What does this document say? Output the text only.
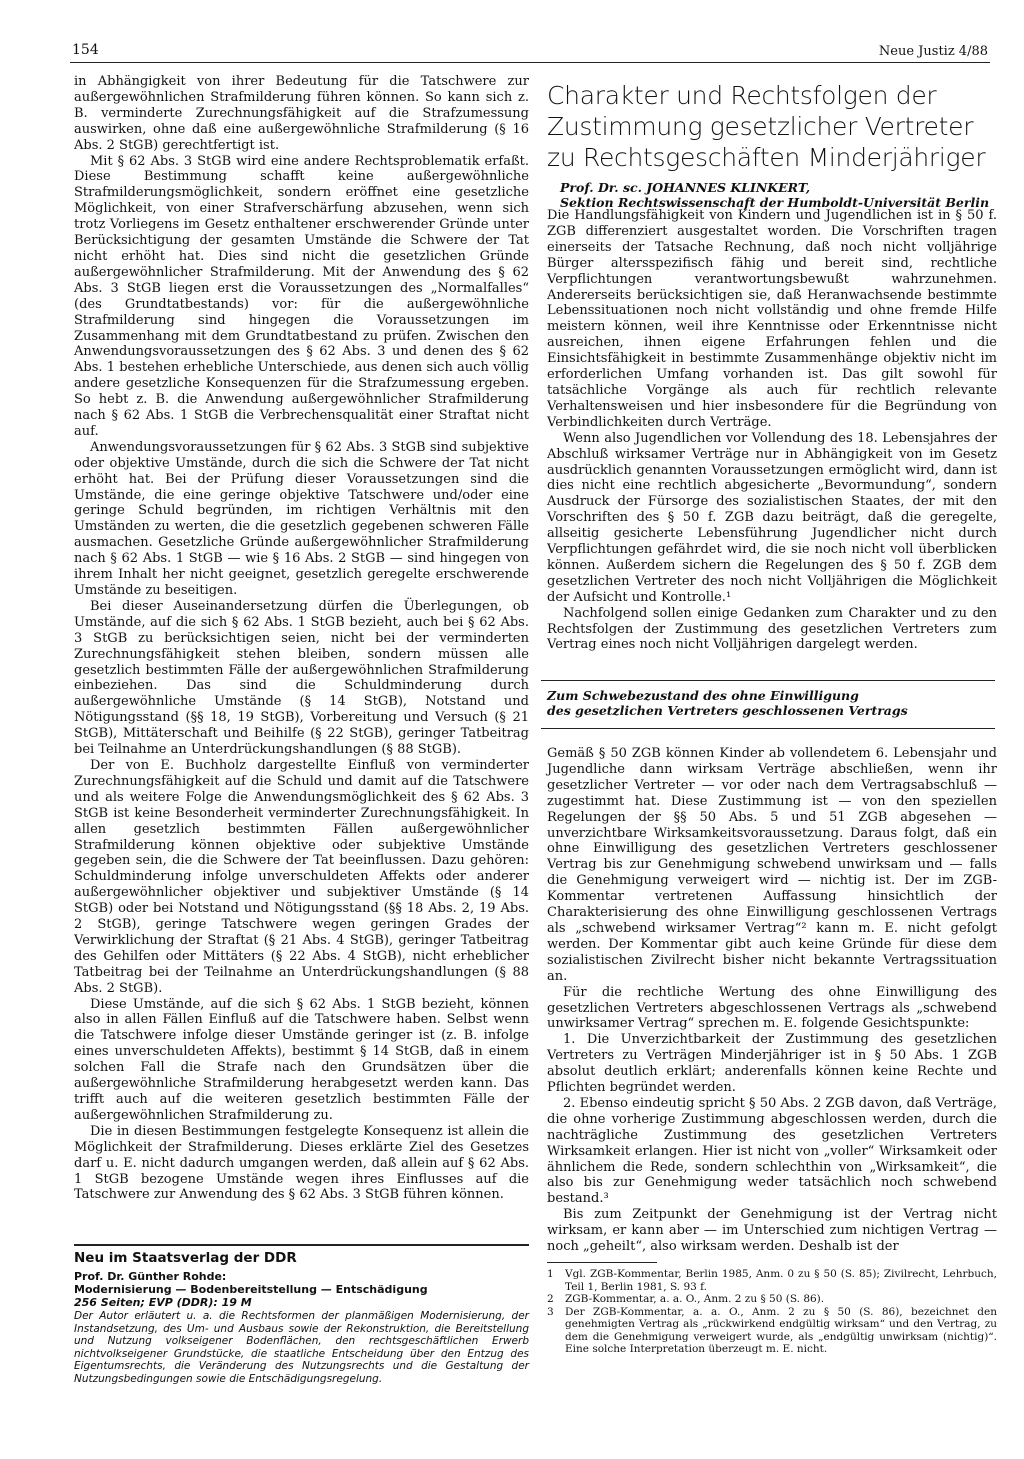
154	Neue Justiz 4/88

in Abhängigkeit von ihrer Bedeutung für die Tatschwere zur außergewöhnlichen Strafmilderung führen können. So kann sich z. B. verminderte Zurechnungsfähigkeit auf die Strafzumessung auswirken, ohne daß eine außergewöhnliche Strafmilderung (§ 16 Abs. 2 StGB) gerechtfertigt ist.

Mit § 62 Abs. 3 StGB wird eine andere Rechtsproblematik erfaßt. Diese Bestimmung schafft keine außergewöhnliche Strafmilderungsmöglichkeit, sondern eröffnet eine gesetzliche Möglichkeit, von einer Strafverschärfung abzusehen, wenn sich trotz Vorliegens im Gesetz enthaltener erschwerender Gründe unter Berücksichtigung der gesamten Umstände die Schwere der Tat nicht erhöht hat. Dies sind nicht die gesetzlichen Gründe außergewöhnlicher Strafmilderung. Mit der Anwendung des § 62 Abs. 3 StGB liegen erst die Voraussetzungen des „Normalfalles“ (des Grundtatbestands) vor: für die außergewöhnliche Strafmilderung sind hingegen die Voraussetzungen im Zusammenhang mit dem Grundtatbestand zu prüfen. Zwischen den Anwendungsvoraussetzungen des § 62 Abs. 3 und denen des § 62 Abs. 1 bestehen erhebliche Unterschiede, aus denen sich auch völlig andere gesetzliche Konsequenzen für die Strafzumessung ergeben. So hebt z. B. die Anwendung außergewöhnlicher Strafmilderung nach § 62 Abs. 1 StGB die Verbrechensqualität einer Straftat nicht auf.

Anwendungsvoraussetzungen für § 62 Abs. 3 StGB sind subjektive oder objektive Umstände, durch die sich die Schwere der Tat nicht erhöht hat. Bei der Prüfung dieser Voraussetzungen sind die Umstände, die eine geringe objektive Tatschwere und/oder eine geringe Schuld begründen, im richtigen Verhältnis mit den Umständen zu werten, die die gesetzlich gegebenen schweren Fälle ausmachen. Gesetzliche Gründe außergewöhnlicher Strafmilderung nach § 62 Abs. 1 StGB — wie § 16 Abs. 2 StGB — sind hingegen von ihrem Inhalt her nicht geeignet, gesetzlich geregelte erschwerende Umstände zu beseitigen.

Bei dieser Auseinandersetzung dürfen die Überlegungen, ob Umstände, auf die sich § 62 Abs. 1 StGB bezieht, auch bei § 62 Abs. 3 StGB zu berücksichtigen seien, nicht bei der verminderten Zurechnungsfähigkeit stehen bleiben, sondern müssen alle gesetzlich bestimmten Fälle der außergewöhnlichen Strafmilderung einbeziehen. Das sind die Schuldminderung durch außergewöhnliche Umstände (§ 14 StGB), Notstand und Nötigungsstand (§§ 18, 19 StGB), Vorbereitung und Versuch (§ 21 StGB), Mittäterschaft und Beihilfe (§ 22 StGB), geringer Tatbeitrag bei Teilnahme an Unterdrückungshandlungen (§ 88 StGB).

Der von E. Buchholz dargestellte Einfluß von verminderter Zurechnungsfähigkeit auf die Schuld und damit auf die Tatschwere und als weitere Folge die Anwendungsmöglichkeit des § 62 Abs. 3 StGB ist keine Besonderheit verminderter Zurechnungsfähigkeit. In allen gesetzlich bestimmten Fällen außergewöhnlicher Strafmilderung können objektive oder subjektive Umstände gegeben sein, die die Schwere der Tat beeinflussen. Dazu gehören: Schuldminderung infolge unverschuldeten Affekts oder anderer außergewöhnlicher objektiver und subjektiver Umstände (§ 14 StGB) oder bei Notstand und Nötigungsstand (§§ 18 Abs. 2, 19 Abs. 2 StGB), geringe Tatschwere wegen geringen Grades der Verwirklichung der Straftat (§ 21 Abs. 4 StGB), geringer Tatbeitrag des Gehilfen oder Mittäters (§ 22 Abs. 4 StGB), nicht erheblicher Tatbeitrag bei der Teilnahme an Unterdrückungshandlungen (§ 88 Abs. 2 StGB).

Diese Umstände, auf die sich § 62 Abs. 1 StGB bezieht, können also in allen Fällen Einfluß auf die Tatschwere haben. Selbst wenn die Tatschwere infolge dieser Umstände geringer ist (z. B. infolge eines unverschuldeten Affekts), bestimmt § 14 StGB, daß in einem solchen Fall die Strafe nach den Grundsätzen über die außergewöhnliche Strafmilderung herabgesetzt werden kann. Das trifft auch auf die weiteren gesetzlich bestimmten Fälle der außergewöhnlichen Strafmilderung zu.

Die in diesen Bestimmungen festgelegte Konsequenz ist allein die Möglichkeit der Strafmilderung. Dieses erklärte Ziel des Gesetzes darf u. E. nicht dadurch umgangen werden, daß allein auf § 62 Abs. 1 StGB bezogene Umstände wegen ihres Einflusses auf die Tatschwere zur Anwendung des § 62 Abs. 3 StGB führen können.

Neu im Staatsverlag der DDR
Prof. Dr. Günther Rohde:
Modernisierung — Bodenbereitstellung — Entschädigung
256 Seiten; EVP (DDR): 19 M
Der Autor erläutert u. a. die Rechtsformen der planmäßigen Modernisierung, der Instandsetzung, des Um- und Ausbaus sowie der Rekonstruktion, die Bereitstellung und Nutzung volkseigener Bodenflächen, den rechtsgeschäftlichen Erwerb nichtvolkseigener Grundstücke, die staatliche Entscheidung über den Entzug des Eigentumsrechts, die Veränderung des Nutzungsrechts und die Gestaltung der Nutzungsbedingungen sowie die Entschädigungsregelung.
Charakter und Rechtsfolgen der Zustimmung gesetzlicher Vertreter zu Rechtsgeschäften Minderjähriger
Prof. Dr. sc. JOHANNES KLINKERT,
Sektion Rechtswissenschaft der Humboldt-Universität Berlin

Die Handlungsfähigkeit von Kindern und Jugendlichen ist in § 50 f. ZGB differenziert ausgestaltet worden. Die Vorschriften tragen einerseits der Tatsache Rechnung, daß noch nicht volljährige Bürger altersspezifisch fähig und bereit sind, rechtliche Verpflichtungen verantwortungsbewußt wahrzunehmen. Andererseits berücksichtigen sie, daß Heranwachsende bestimmte Lebenssituationen noch nicht vollständig und ohne fremde Hilfe meistern können, weil ihre Kenntnisse oder Erkenntnisse nicht ausreichen, ihnen eigene Erfahrungen fehlen und die Einsichtsfähigkeit in bestimmte Zusammenhänge objektiv nicht im erforderlichen Umfang vorhanden ist. Das gilt sowohl für tatsächliche Vorgänge als auch für rechtlich relevante Verhaltensweisen und hier insbesondere für die Begründung von Verbindlichkeiten durch Verträge.

Wenn also Jugendlichen vor Vollendung des 18. Lebensjahres der Abschluß wirksamer Verträge nur in Abhängigkeit von im Gesetz ausdrücklich genannten Voraussetzungen ermöglicht wird, dann ist dies nicht eine rechtlich abgesicherte „Bevormundung“, sondern Ausdruck der Fürsorge des sozialistischen Staates, der mit den Vorschriften des § 50 f. ZGB dazu beiträgt, daß die geregelte, allseitig gesicherte Lebensführung Jugendlicher nicht durch Verpflichtungen gefährdet wird, die sie noch nicht voll überblicken können. Außerdem sichern die Regelungen des § 50 f. ZGB dem gesetzlichen Vertreter des noch nicht Volljährigen die Möglichkeit der Aufsicht und Kontrolle.¹

Nachfolgend sollen einige Gedanken zum Charakter und zu den Rechtsfolgen der Zustimmung des gesetzlichen Vertreters zum Vertrag eines noch nicht Volljährigen dargelegt werden.

Zum Schwebezustand des ohne Einwilligung
des gesetzlichen Vertreters geschlossenen Vertrags

Gemäß § 50 ZGB können Kinder ab vollendetem 6. Lebensjahr und Jugendliche dann wirksam Verträge abschließen, wenn ihr gesetzlicher Vertreter — vor oder nach dem Vertragsabschluß — zugestimmt hat. Diese Zustimmung ist — von den speziellen Regelungen der §§ 50 Abs. 5 und 51 ZGB abgesehen — unverzichtbare Wirksamkeitsvoraussetzung. Daraus folgt, daß ein ohne Einwilligung des gesetzlichen Vertreters geschlossener Vertrag bis zur Genehmigung schwebend unwirksam und — falls die Genehmigung verweigert wird — nichtig ist. Der im ZGB-Kommentar vertretenen Auffassung hinsichtlich der Charakterisierung des ohne Einwilligung geschlossenen Vertrags als „schwebend wirksamer Vertrag“² kann m. E. nicht gefolgt werden. Der Kommentar gibt auch keine Gründe für diese dem sozialistischen Zivilrecht bisher nicht bekannte Vertragssituation an.

Für die rechtliche Wertung des ohne Einwilligung des gesetzlichen Vertreters abgeschlossenen Vertrags als „schwebend unwirksamer Vertrag“ sprechen m. E. folgende Gesichtspunkte:

1. Die Unverzichtbarkeit der Zustimmung des gesetzlichen Vertreters zu Verträgen Minderjähriger ist in § 50 Abs. 1 ZGB absolut deutlich erklärt; anderenfalls können keine Rechte und Pflichten begründet werden.

2. Ebenso eindeutig spricht § 50 Abs. 2 ZGB davon, daß Verträge, die ohne vorherige Zustimmung abgeschlossen werden, durch die nachträgliche Zustimmung des gesetzlichen Vertreters Wirksamkeit erlangen. Hier ist nicht von „voller“ Wirksamkeit oder ähnlichem die Rede, sondern schlechthin von „Wirksamkeit“, die also bis zur Genehmigung weder tatsächlich noch schwebend bestand.³

Bis zum Zeitpunkt der Genehmigung ist der Vertrag nicht wirksam, er kann aber — im Unterschied zum nichtigen Vertrag — noch „geheilt“, also wirksam werden. Deshalb ist der

1	Vgl. ZGB-Kommentar, Berlin 1985, Anm. 0 zu § 50 (S. 85); Zivilrecht, Lehrbuch, Teil 1, Berlin 1981, S. 93 f.
2	ZGB-Kommentar, a. a. O., Anm. 2 zu § 50 (S. 86).
3	Der ZGB-Kommentar, a. a. O., Anm. 2 zu § 50 (S. 86), bezeichnet den genehmigten Vertrag als „rückwirkend endgültig wirksam“ und den Vertrag, zu dem die Genehmigung verweigert wurde, als „endgültig unwirksam (nichtig)“. Eine solche Interpretation überzeugt m. E. nicht.
